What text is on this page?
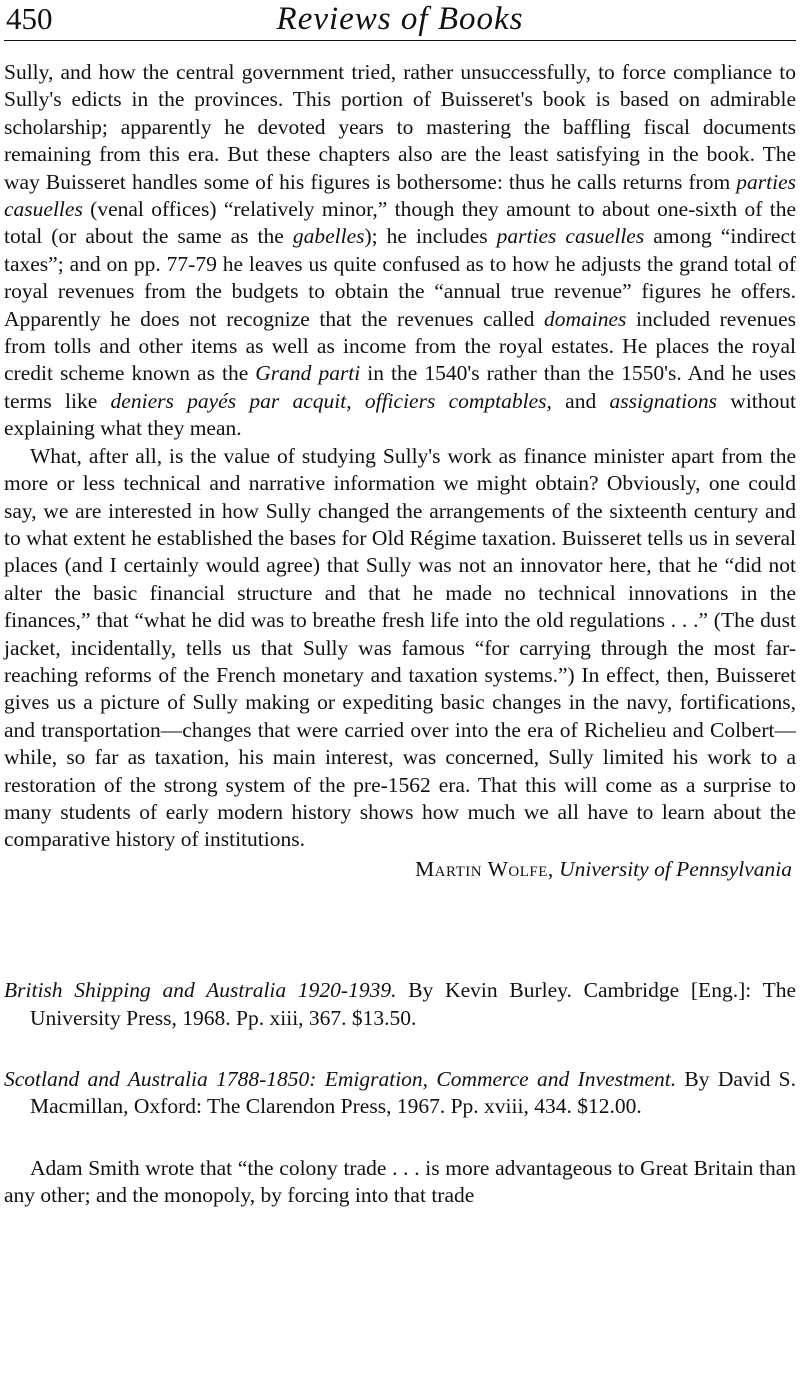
450	Reviews of Books

Sully, and how the central government tried, rather unsuccessfully, to force compliance to Sully's edicts in the provinces. This portion of Buisseret's book is based on admirable scholarship; apparently he devoted years to mastering the baffling fiscal documents remaining from this era. But these chapters also are the least satisfying in the book. The way Buisseret handles some of his figures is bothersome: thus he calls returns from parties casuelles (venal offices) “relatively minor,” though they amount to about one-sixth of the total (or about the same as the gabelles); he includes parties casuelles among “indirect taxes”; and on pp. 77-79 he leaves us quite confused as to how he adjusts the grand total of royal revenues from the budgets to obtain the “annual true revenue” figures he offers. Apparently he does not recognize that the revenues called domaines included revenues from tolls and other items as well as income from the royal estates. He places the royal credit scheme known as the Grand parti in the 1540's rather than the 1550's. And he uses terms like deniers payés par acquit, officiers comptables, and assignations without explaining what they mean.

What, after all, is the value of studying Sully's work as finance minister apart from the more or less technical and narrative information we might obtain? Obviously, one could say, we are interested in how Sully changed the arrangements of the sixteenth century and to what extent he established the bases for Old Régime taxation. Buisseret tells us in several places (and I certainly would agree) that Sully was not an innovator here, that he “did not alter the basic financial structure and that he made no technical innovations in the finances,” that “what he did was to breathe fresh life into the old regulations . . .” (The dust jacket, incidentally, tells us that Sully was famous “for carrying through the most far-reaching reforms of the French monetary and taxation systems.”) In effect, then, Buisseret gives us a picture of Sully making or expediting basic changes in the navy, fortifications, and transportation—changes that were carried over into the era of Richelieu and Colbert—while, so far as taxation, his main interest, was concerned, Sully limited his work to a restoration of the strong system of the pre-1562 era. That this will come as a surprise to many students of early modern history shows how much we all have to learn about the comparative history of institutions.

Martin Wolfe, University of Pennsylvania

British Shipping and Australia 1920-1939. By Kevin Burley. Cambridge [Eng.]: The University Press, 1968. Pp. xiii, 367. $13.50.

Scotland and Australia 1788-1850: Emigration, Commerce and Investment. By David S. Macmillan, Oxford: The Clarendon Press, 1967. Pp. xviii, 434. $12.00.

Adam Smith wrote that “the colony trade . . . is more advantageous to Great Britain than any other; and the monopoly, by forcing into that trade
